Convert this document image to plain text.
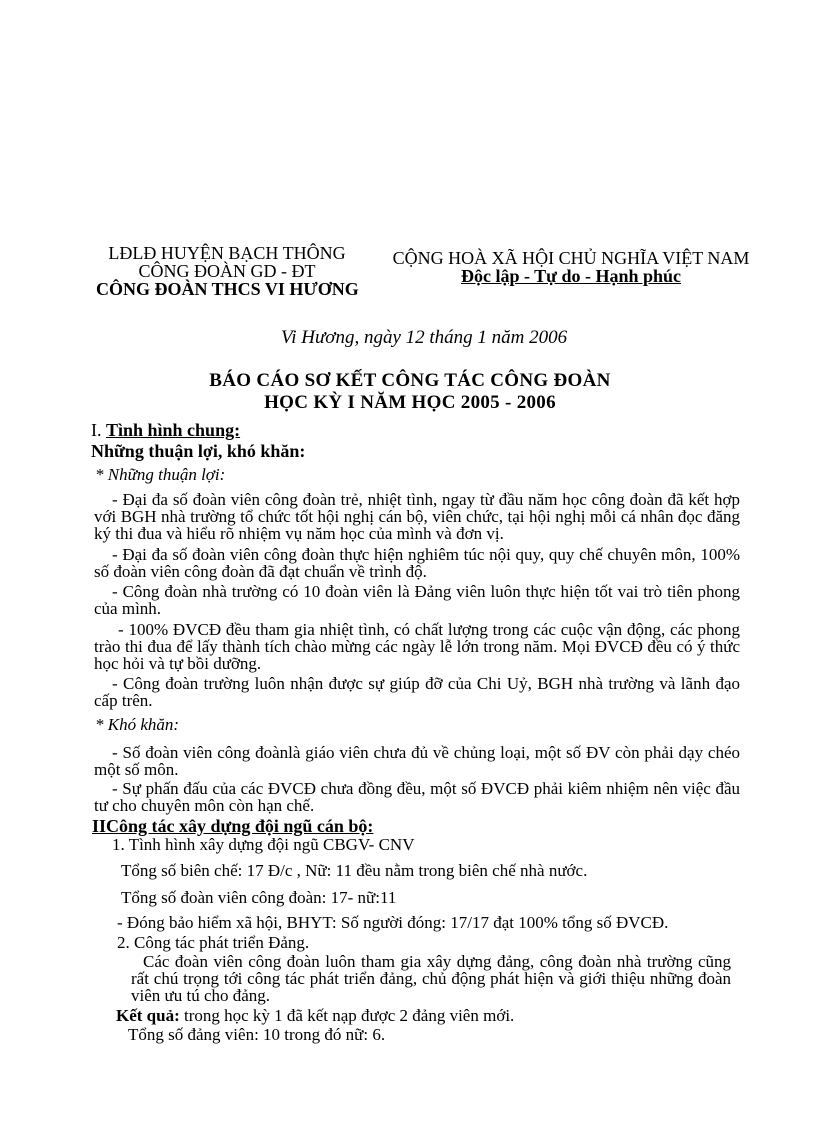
LĐLĐ HUYỆN BẠCH THÔNG
CÔNG ĐOÀN GD - ĐT
CÔNG ĐOÀN THCS VI HƯƠNG
CỘNG HOÀ XÃ HỘI CHỦ NGHĨA VIỆT NAM
Độc lập - Tự do - Hạnh phúc
Vi Hương, ngày 12 tháng 1 năm 2006
BÁO CÁO SƠ KẾT CÔNG TÁC CÔNG ĐOÀN
HỌC KỲ I NĂM HỌC 2005 - 2006
I. Tình hình chung:
Những thuận lợi, khó khăn:
* Những thuận lợi:
- Đại đa số đoàn viên công đoàn trẻ, nhiệt tình, ngay từ đầu năm học công đoàn đã kết hợp với BGH nhà trường tổ chức tốt hội nghị cán bộ, viên chức, tại hội nghị mỗi cá nhân đọc đăng ký thi đua và hiểu rõ nhiệm vụ năm học của mình và đơn vị.
- Đại đa số đoàn viên công đoàn thực hiện nghiêm túc nội quy, quy chế chuyên môn, 100% số đoàn viên công đoàn đã đạt chuẩn về trình độ.
- Công đoàn nhà trường có 10 đoàn viên là Đảng viên luôn thực hiện tốt vai trò tiên phong của mình.
- 100% ĐVCĐ đều tham gia nhiệt tình, có chất lượng trong các cuộc vận động, các phong trào thi đua để lấy thành tích chào mừng các ngày lễ lớn trong năm. Mọi ĐVCĐ đều có ý thức học hỏi và tự bồi dưỡng.
- Công đoàn trường luôn nhận được sự giúp đỡ của Chi Uỷ, BGH nhà trường và lãnh đạo cấp trên.
* Khó khăn:
- Số đoàn viên công đoànlà giáo viên chưa đủ về chủng loại, một số ĐV còn phải dạy chéo một số môn.
- Sự phấn đấu của các ĐVCĐ chưa đồng đều, một số ĐVCĐ phải kiêm nhiệm nên việc đầu tư cho chuyên môn còn hạn chế.
IICông tác xây dựng đội ngũ cán bộ:
1. Tình hình xây dựng đội ngũ CBGV- CNV
Tổng số biên chế: 17 Đ/c , Nữ: 11 đều nằm trong biên chế nhà nước.
Tổng số đoàn viên công đoàn: 17- nữ:11
- Đóng bảo hiểm xã hội, BHYT: Số người đóng: 17/17 đạt 100% tổng số ĐVCĐ.
2. Công tác phát triển Đảng.
Các đoàn viên công đoàn luôn tham gia xây dựng đảng, công đoàn nhà trường cũng rất chú trọng tới công tác phát triển đảng, chủ động phát hiện và giới thiệu những đoàn viên ưu tú cho đảng.
Kết quả: trong học kỳ 1 đã kết nạp được 2 đảng viên mới.
Tổng số đảng viên: 10 trong đó nữ: 6.
